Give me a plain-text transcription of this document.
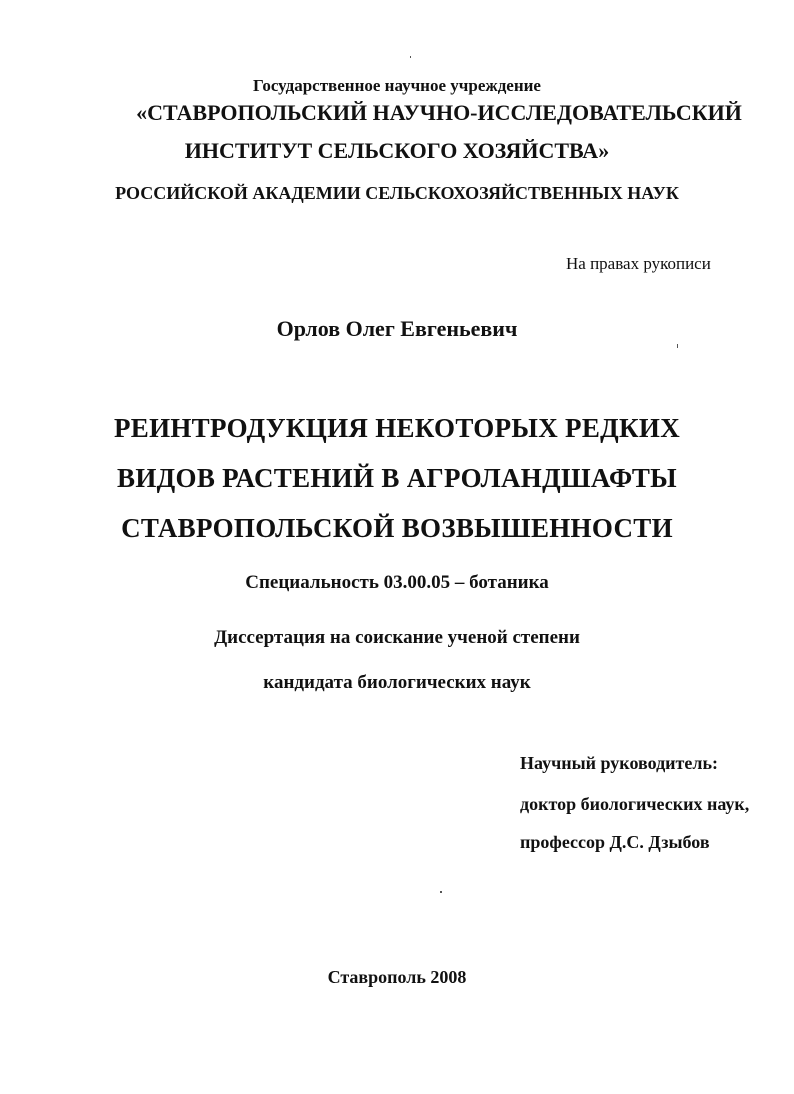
Государственное научное учреждение
«СТАВРОПОЛЬСКИЙ НАУЧНО-ИССЛЕДОВАТЕЛЬСКИЙ
ИНСТИТУТ СЕЛЬСКОГО ХОЗЯЙСТВА»
РОССИЙСКОЙ АКАДЕМИИ СЕЛЬСКОХОЗЯЙСТВЕННЫХ НАУК
На правах рукописи
Орлов Олег Евгеньевич
РЕИНТРОДУКЦИЯ НЕКОТОРЫХ РЕДКИХ
ВИДОВ РАСТЕНИЙ В АГРОЛАНДШАФТЫ
СТАВРОПОЛЬСКОЙ ВОЗВЫШЕННОСТИ
Специальность 03.00.05 – ботаника
Диссертация на соискание ученой степени
кандидата биологических наук
Научный руководитель:
доктор биологических наук,
профессор Д.С. Дзыбов
Ставрополь 2008
